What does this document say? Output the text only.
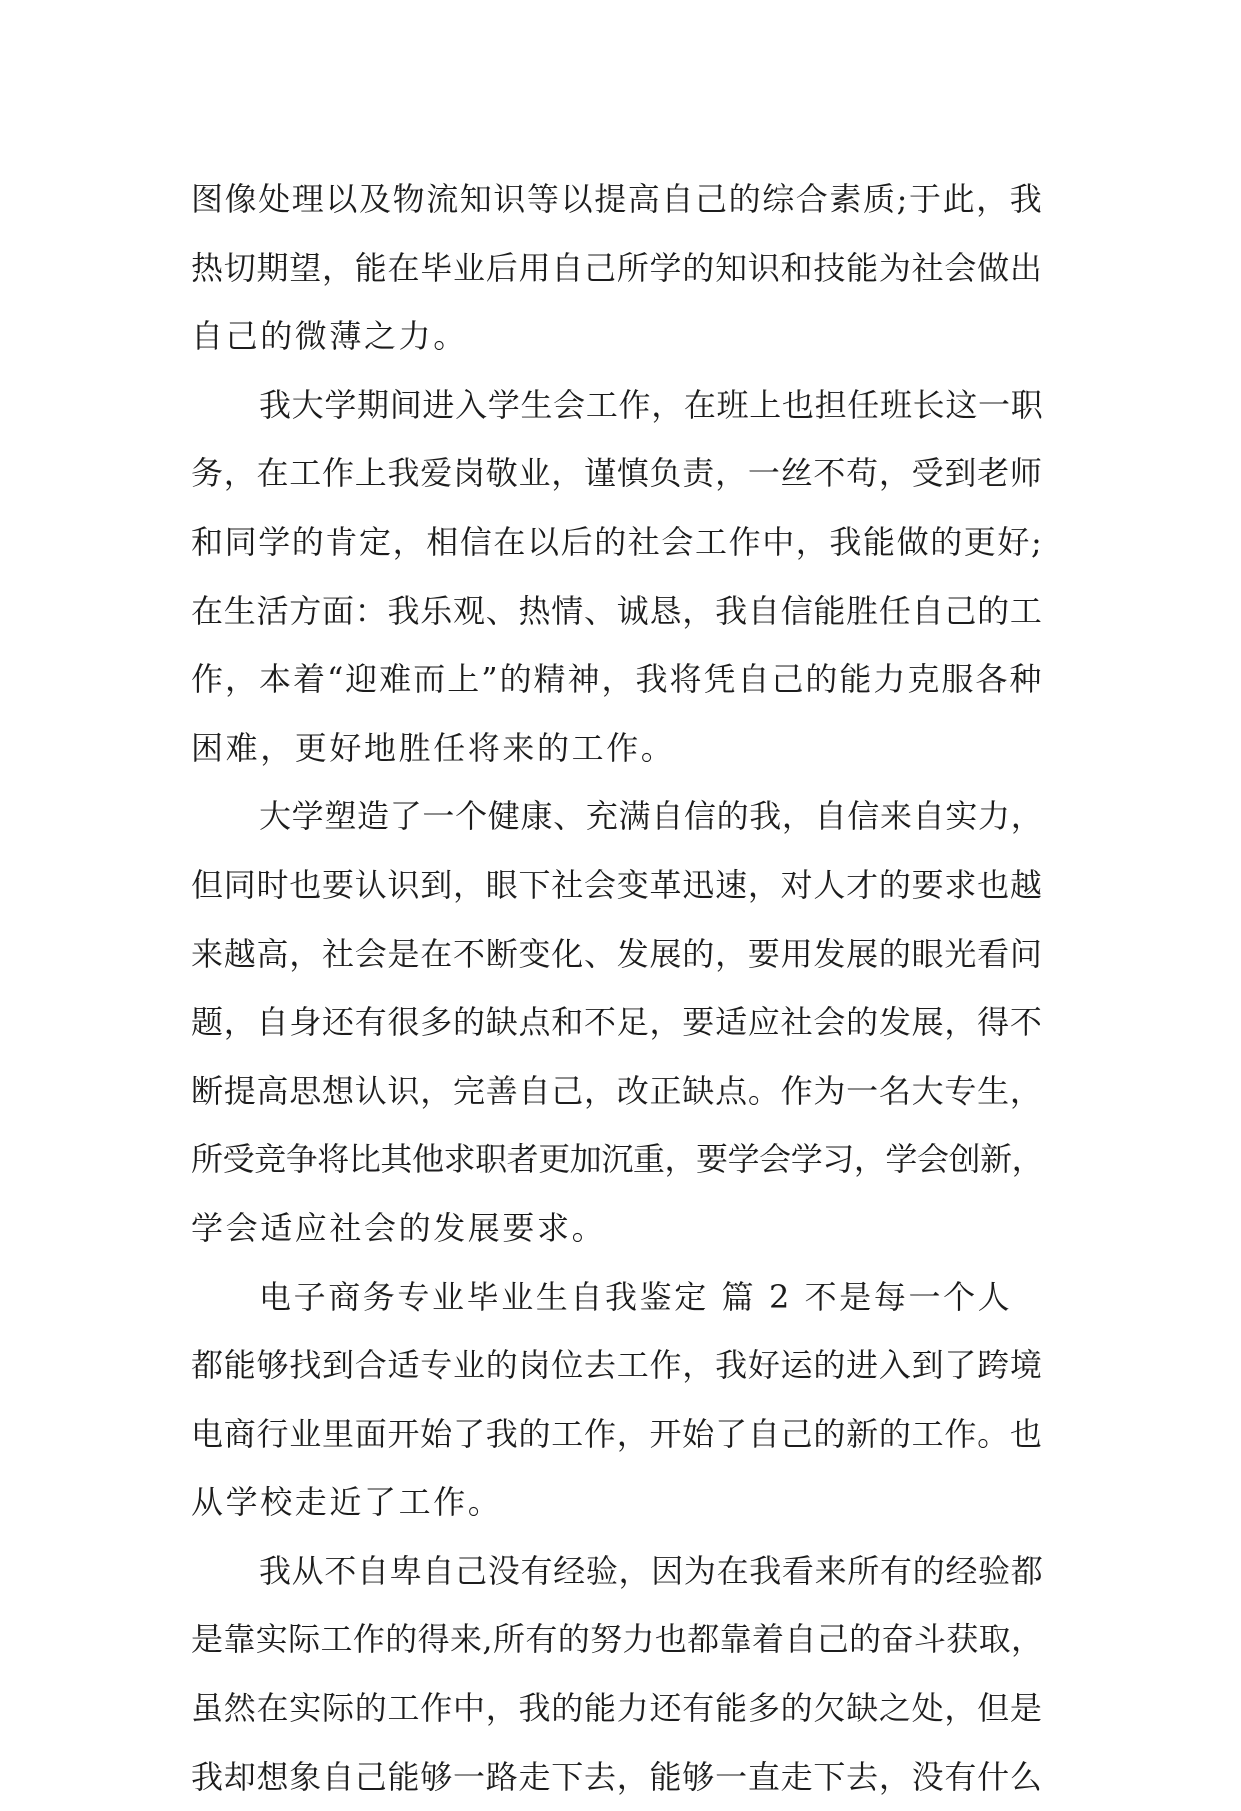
图像处理以及物流知识等以提高自己的综合素质;于此，我
热切期望，能在毕业后用自己所学的知识和技能为社会做出
自己的微薄之力。
我大学期间进入学生会工作，在班上也担任班长这一职
务，在工作上我爱岗敬业，谨慎负责，一丝不苟，受到老师
和同学的肯定，相信在以后的社会工作中，我能做的更好;
在生活方面：我乐观、热情、诚恳，我自信能胜任自己的工
作，本着“迎难而上”的精神，我将凭自己的能力克服各种
困难，更好地胜任将来的工作。
大学塑造了一个健康、充满自信的我，自信来自实力，
但同时也要认识到，眼下社会变革迅速，对人才的要求也越
来越高，社会是在不断变化、发展的，要用发展的眼光看问
题，自身还有很多的缺点和不足，要适应社会的发展，得不
断提高思想认识，完善自己，改正缺点。作为一名大专生，
所受竞争将比其他求职者更加沉重，要学会学习，学会创新，
学会适应社会的发展要求。
电子商务专业毕业生自我鉴定 篇 2 不是每一个人
都能够找到合适专业的岗位去工作，我好运的进入到了跨境
电商行业里面开始了我的工作，开始了自己的新的工作。也
从学校走近了工作。
我从不自卑自己没有经验，因为在我看来所有的经验都
是靠实际工作的得来,所有的努力也都靠着自己的奋斗获取，
虽然在实际的工作中，我的能力还有能多的欠缺之处，但是
我却想象自己能够一路走下去，能够一直走下去，没有什么
